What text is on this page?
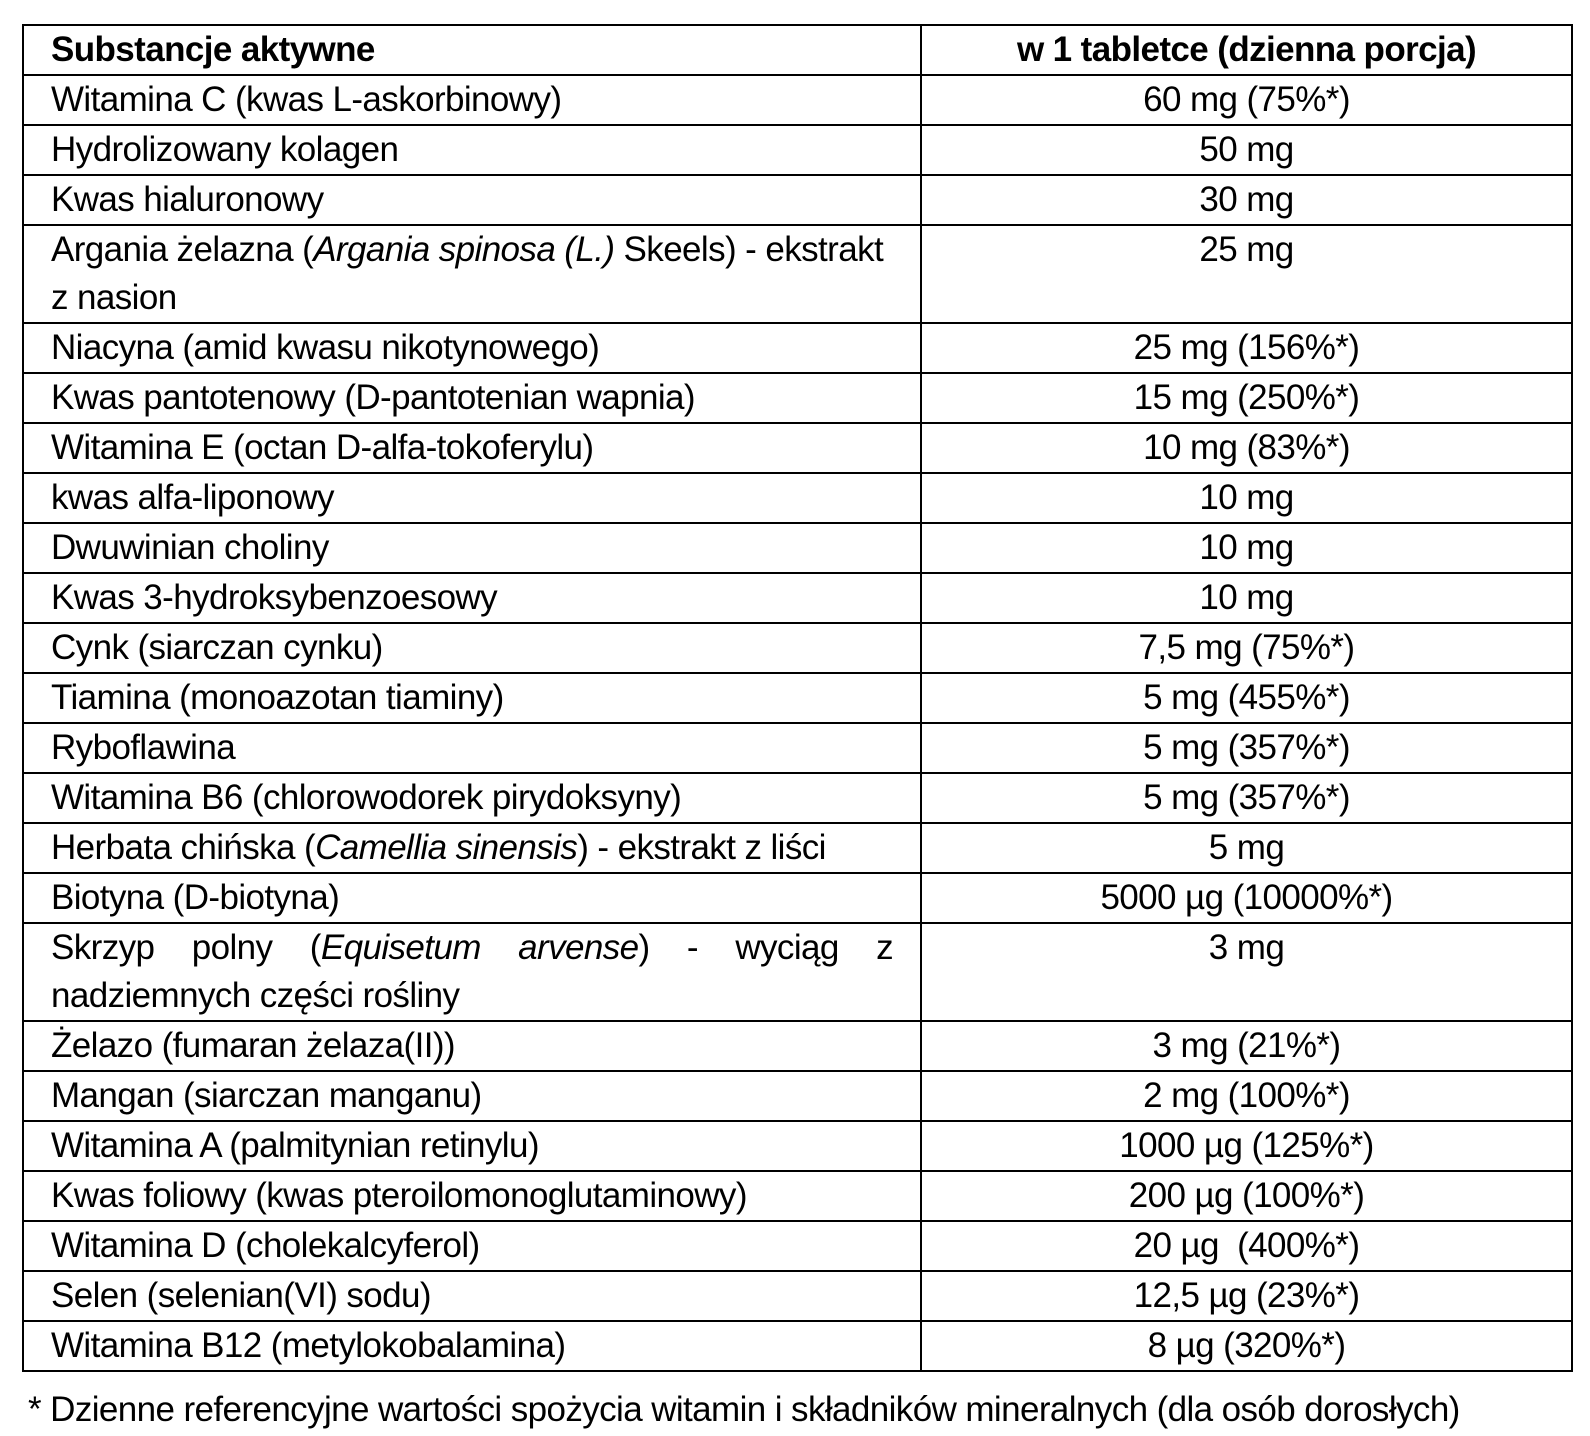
Substancje aktywne	w 1 tabletce (dzienna porcja)
Witamina C (kwas L-askorbinowy)	60 mg (75%*)
Hydrolizowany kolagen	50 mg
Kwas hialuronowy	30 mg
Argania żelazna (Argania spinosa (L.) Skeels) - ekstrakt z nasion	25 mg
Niacyna (amid kwasu nikotynowego)	25 mg (156%*)
Kwas pantotenowy (D-pantotenian wapnia)	15 mg (250%*)
Witamina E (octan D-alfa-tokoferylu)	10 mg (83%*)
kwas alfa-liponowy	10 mg
Dwuwinian choliny	10 mg
Kwas 3-hydroksybenzoesowy	10 mg
Cynk (siarczan cynku)	7,5 mg (75%*)
Tiamina (monoazotan tiaminy)	5 mg (455%*)
Ryboflawina	5 mg (357%*)
Witamina B6 (chlorowodorek pirydoksyny)	5 mg (357%*)
Herbata chińska (Camellia sinensis) - ekstrakt z liści	5 mg
Biotyna (D-biotyna)	5000 µg (10000%*)
Skrzyp polny (Equisetum arvense) - wyciąg z nadziemnych części rośliny	3 mg
Żelazo (fumaran żelaza(II))	3 mg (21%*)
Mangan (siarczan manganu)	2 mg (100%*)
Witamina A (palmitynian retinylu)	1000 µg (125%*)
Kwas foliowy (kwas pteroilomonoglutaminowy)	200 µg (100%*)
Witamina D (cholekalcyferol)	20 µg  (400%*)
Selen (selenian(VI) sodu)	12,5 µg (23%*)
Witamina B12 (metylokobalamina)	8 µg (320%*)
* Dzienne referencyjne wartości spożycia witamin i składników mineralnych (dla osób dorosłych)
